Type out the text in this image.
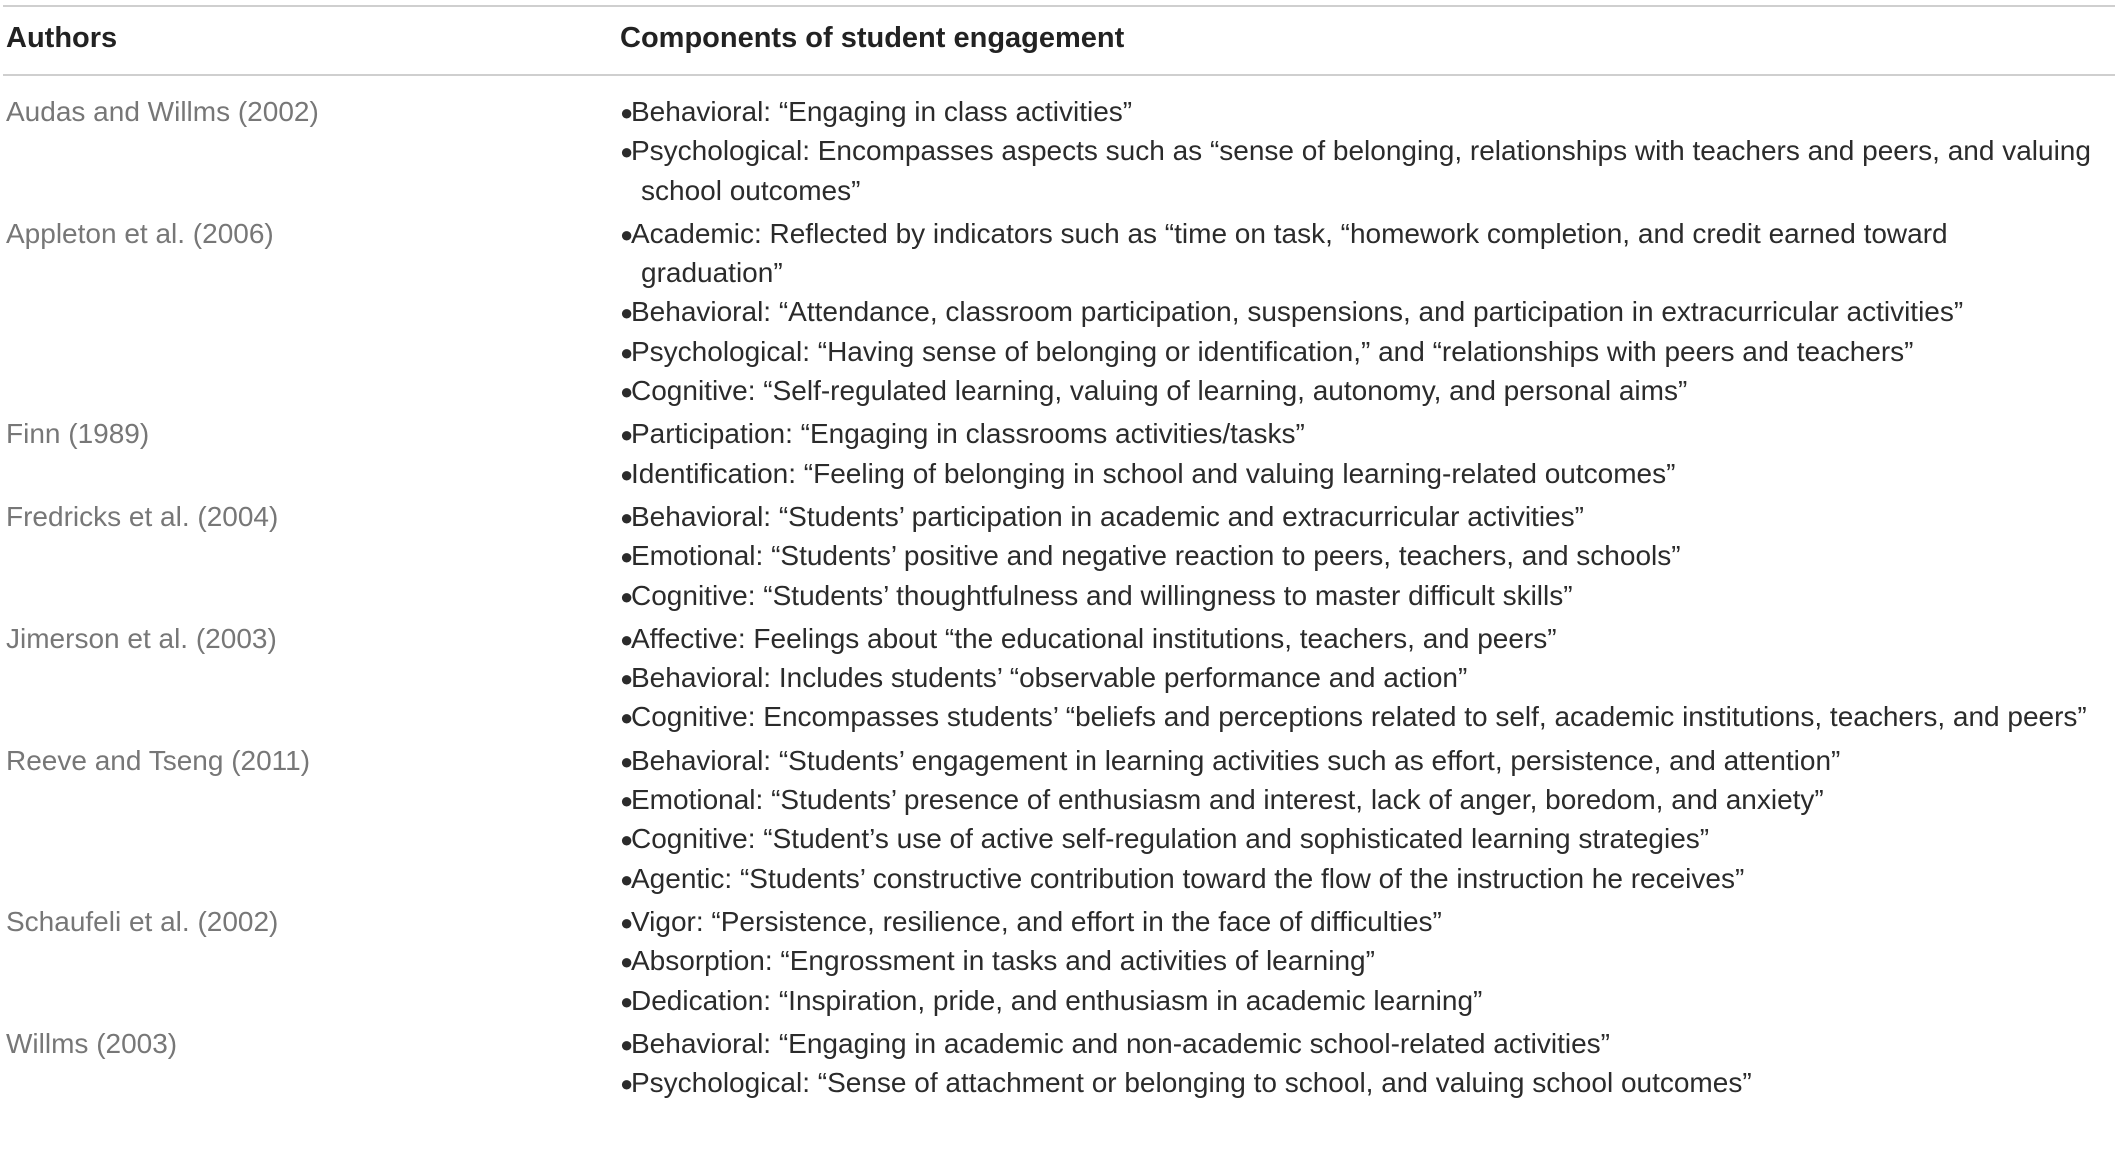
Authors	Components of student engagement
Audas and Willms (2002)	●
Behavioral: “Engaging in class activities”
●
Psychological: Encompasses aspects such as “sense of belonging, relationships with teachers and peers, and valuing school outcomes”
Appleton et al. (2006)	●
Academic: Reflected by indicators such as “time on task, “homework completion, and credit earned toward graduation”
●
Behavioral: “Attendance, classroom participation, suspensions, and participation in extracurricular activities”
●
Psychological: “Having sense of belonging or identification,” and “relationships with peers and teachers”
●
Cognitive: “Self-regulated learning, valuing of learning, autonomy, and personal aims”
Finn (1989)	●
Participation: “Engaging in classrooms activities/tasks”
●
Identification: “Feeling of belonging in school and valuing learning-related outcomes”
Fredricks et al. (2004)	●
Behavioral: “Students’ participation in academic and extracurricular activities”
●
Emotional: “Students’ positive and negative reaction to peers, teachers, and schools”
●
Cognitive: “Students’ thoughtfulness and willingness to master difficult skills”
Jimerson et al. (2003)	●
Affective: Feelings about “the educational institutions, teachers, and peers”
●
Behavioral: Includes students’ “observable performance and action”
●
Cognitive: Encompasses students’ “beliefs and perceptions related to self, academic institutions, teachers, and peers”
Reeve and Tseng (2011)	●
Behavioral: “Students’ engagement in learning activities such as effort, persistence, and attention”
●
Emotional: “Students’ presence of enthusiasm and interest, lack of anger, boredom, and anxiety”
●
Cognitive: “Student’s use of active self-regulation and sophisticated learning strategies”
●
Agentic: “Students’ constructive contribution toward the flow of the instruction he receives”
Schaufeli et al. (2002)	●
Vigor: “Persistence, resilience, and effort in the face of difficulties”
●
Absorption: “Engrossment in tasks and activities of learning”
●
Dedication: “Inspiration, pride, and enthusiasm in academic learning”
Willms (2003)	●
Behavioral: “Engaging in academic and non-academic school-related activities”
●
Psychological: “Sense of attachment or belonging to school, and valuing school outcomes”
